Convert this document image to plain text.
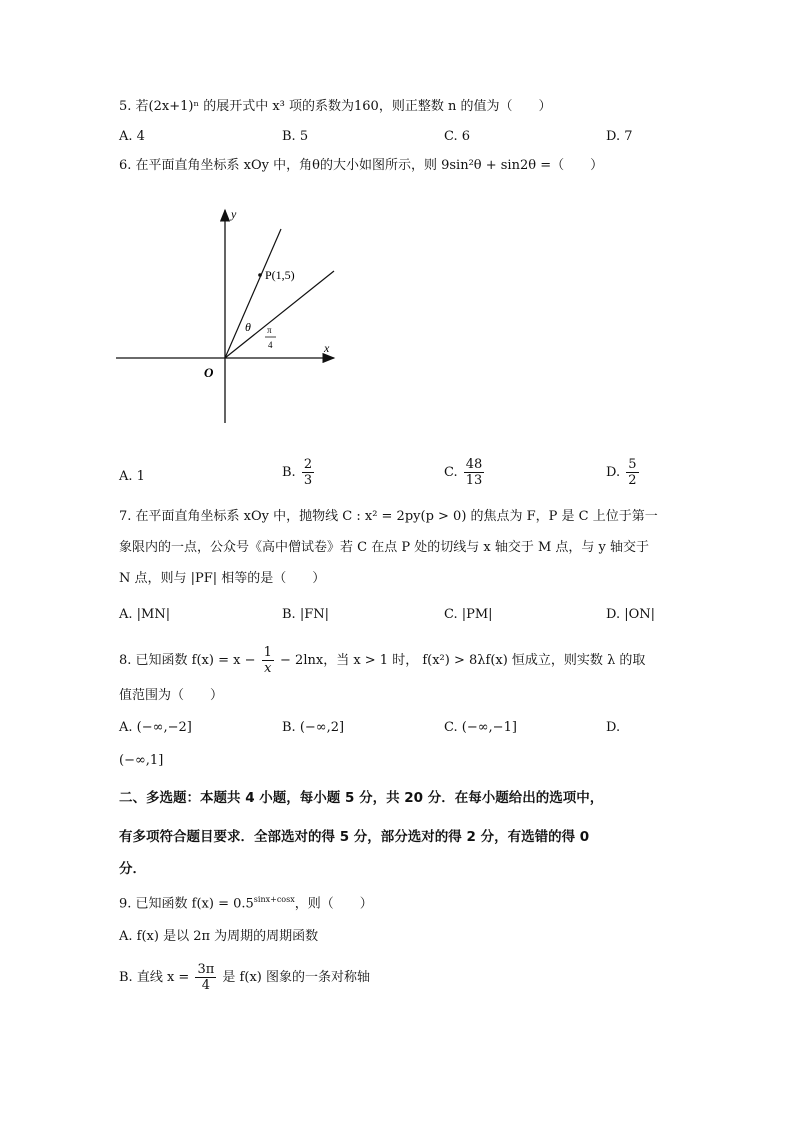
5. 若(2x+1)ⁿ 的展开式中 x³ 项的系数为160，则正整数 n 的值为（　　）
A. 4	B. 5	C. 6	D. 7
6. 在平面直角坐标系 xOy 中，角θ的大小如图所示，则 9sin²θ + sin2θ =（　　）
y
x
O
P(1,5)
θ π
4
A. 1	B. $\frac{2}{3}$	C. $\frac{48}{13}$	D. $\frac{5}{2}$
7. 在平面直角坐标系 xOy 中，抛物线 C : x² = 2py(p > 0) 的焦点为 F，P 是 C 上位于第一
象限内的一点，公众号《高中僧试卷》若 C 在点 P 处的切线与 x 轴交于 M 点，与 y 轴交于
N 点，则与 |PF| 相等的是（　　）
A. |MN|	B. |FN|	C. |PM|	D. |ON|
8. 已知函数 $f(x) = x - \frac{1}{x} - 2\ln x$，当 x > 1 时， f(x²) > 8λf(x) 恒成立，则实数 λ 的取
值范围为（　　）
A. (−∞,−2]	B. (−∞,2]	C. (−∞,−1]	D.
(−∞,1]
二、多选题：本题共 4 小题，每小题 5 分，共 20 分．在每小题给出的选项中，
有多项符合题目要求．全部选对的得 5 分，部分选对的得 2 分，有选错的得 0
分．
9. 已知函数 $f(x) = 0.5^{sinx+cosx}$，则（　　）
A. f(x) 是以 2π 为周期的周期函数
B. 直线 $x = \frac{3\pi}{4}$ 是 f(x) 图象的一条对称轴
